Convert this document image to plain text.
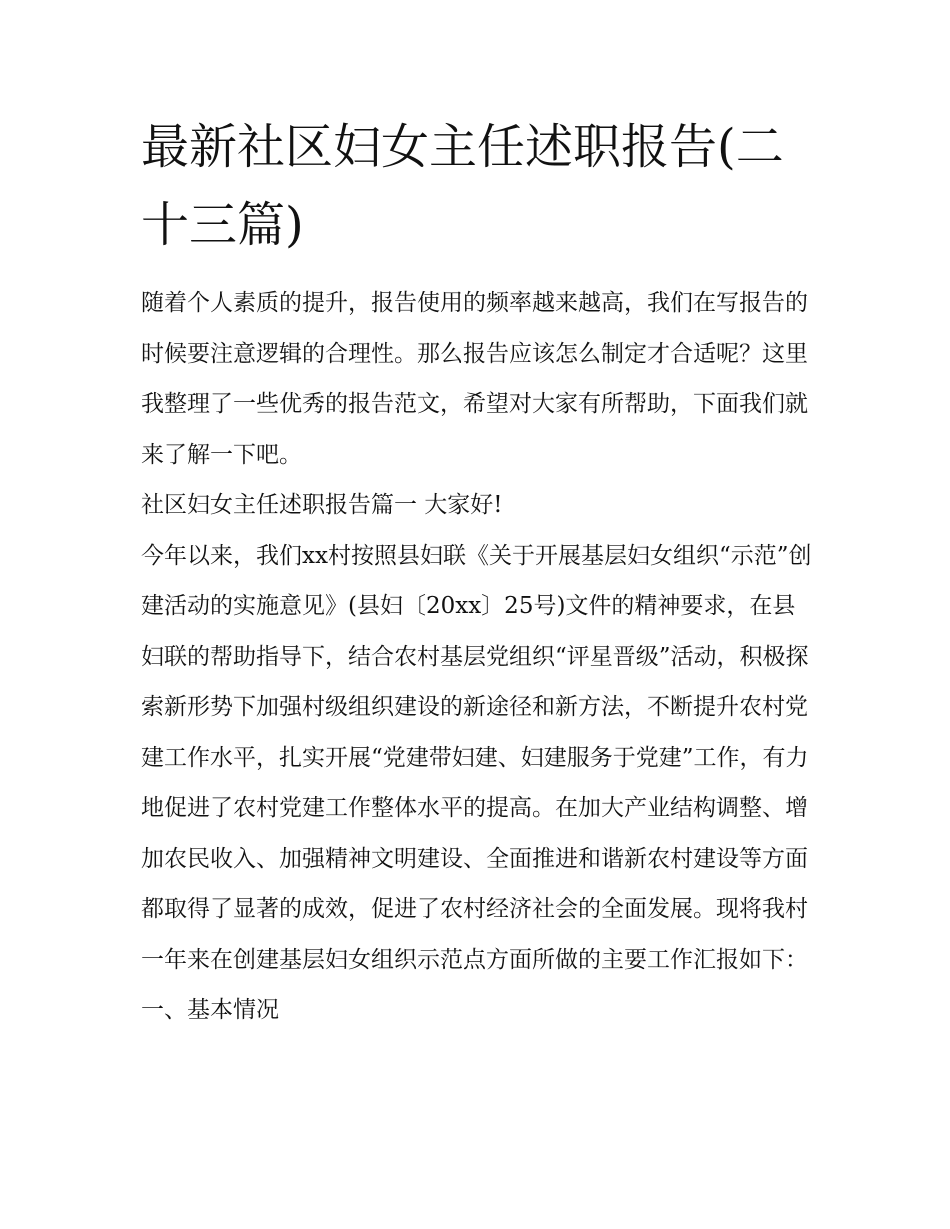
最新社区妇女主任述职报告(二十三篇)

随着个人素质的提升，报告使用的频率越来越高，我们在写报告的时候要注意逻辑的合理性。那么报告应该怎么制定才合适呢？这里我整理了一些优秀的报告范文，希望对大家有所帮助，下面我们就来了解一下吧。

社区妇女主任述职报告篇一 大家好!

今年以来，我们xx村按照县妇联《关于开展基层妇女组织“示范”创建活动的实施意见》(县妇〔20xx〕25号)文件的精神要求，在县妇联的帮助指导下，结合农村基层党组织“评星晋级”活动，积极探索新形势下加强村级组织建设的新途径和新方法，不断提升农村党建工作水平，扎实开展“党建带妇建、妇建服务于党建”工作，有力地促进了农村党建工作整体水平的提高。在加大产业结构调整、增加农民收入、加强精神文明建设、全面推进和谐新农村建设等方面都取得了显著的成效，促进了农村经济社会的全面发展。现将我村一年来在创建基层妇女组织示范点方面所做的主要工作汇报如下：

一、基本情况
